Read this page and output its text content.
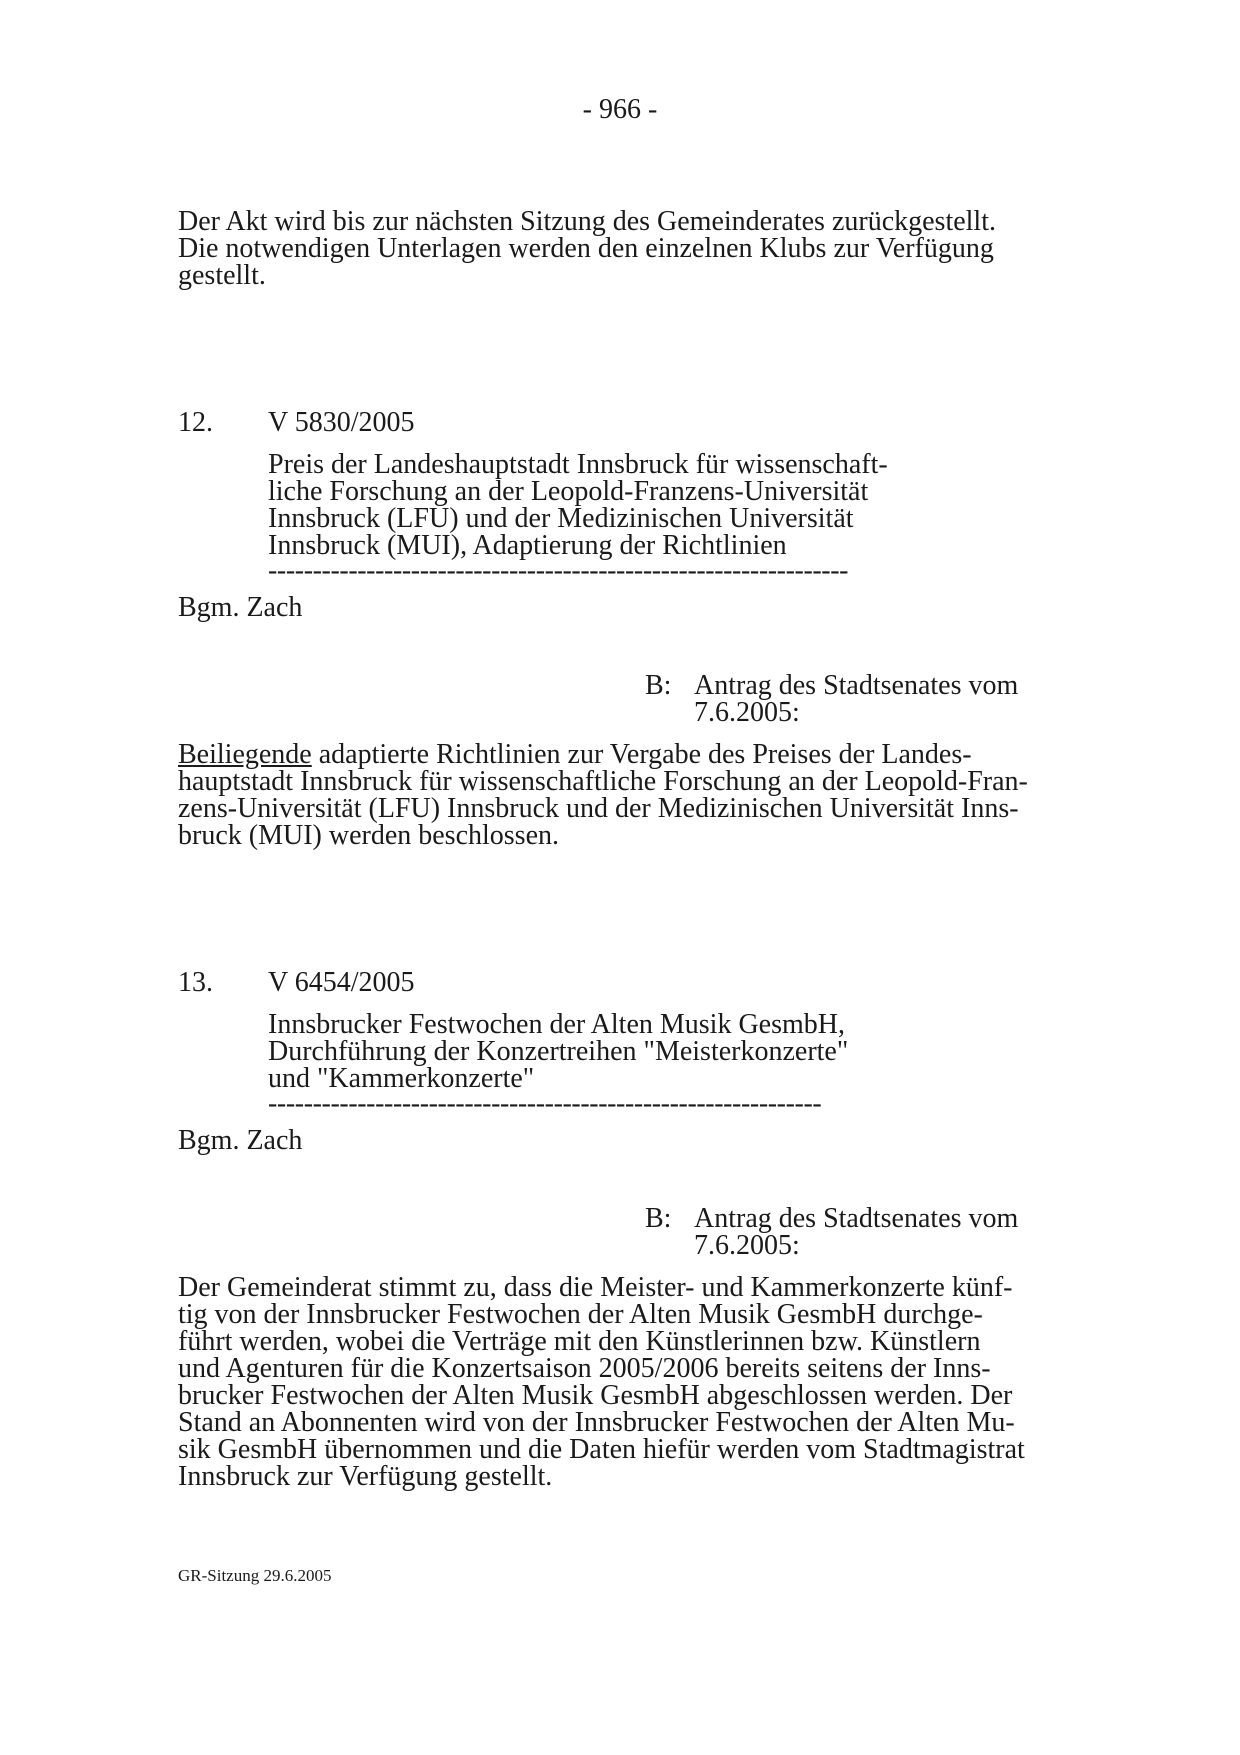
- 966 -
Der Akt wird bis zur nächsten Sitzung des Gemeinderates zurückgestellt.
Die notwendigen Unterlagen werden den einzelnen Klubs zur Verfügung
gestellt.
12. V 5830/2005
Preis der Landeshauptstadt Innsbruck für wissenschaft-
liche Forschung an der Leopold-Franzens-Universität
Innsbruck (LFU) und der Medizinischen Universität
Innsbruck (MUI), Adaptierung der Richtlinien
-----------------------------------------------------------------
Bgm. Zach
B: Antrag des Stadtsenates vom
7.6.2005:
Beiliegende adaptierte Richtlinien zur Vergabe des Preises der Landes-
hauptstadt Innsbruck für wissenschaftliche Forschung an der Leopold-Fran-
zens-Universität (LFU) Innsbruck und der Medizinischen Universität Inns-
bruck (MUI) werden beschlossen.
13. V 6454/2005
Innsbrucker Festwochen der Alten Musik GesmbH,
Durchführung der Konzertreihen "Meisterkonzerte"
und "Kammerkonzerte"
--------------------------------------------------------------
Bgm. Zach
B: Antrag des Stadtsenates vom
7.6.2005:
Der Gemeinderat stimmt zu, dass die Meister- und Kammerkonzerte künf-
tig von der Innsbrucker Festwochen der Alten Musik GesmbH durchge-
führt werden, wobei die Verträge mit den Künstlerinnen bzw. Künstlern
und Agenturen für die Konzertsaison 2005/2006 bereits seitens der Inns-
brucker Festwochen der Alten Musik GesmbH abgeschlossen werden. Der
Stand an Abonnenten wird von der Innsbrucker Festwochen der Alten Mu-
sik GesmbH übernommen und die Daten hiefür werden vom Stadtmagistrat
Innsbruck zur Verfügung gestellt.
GR-Sitzung 29.6.2005
